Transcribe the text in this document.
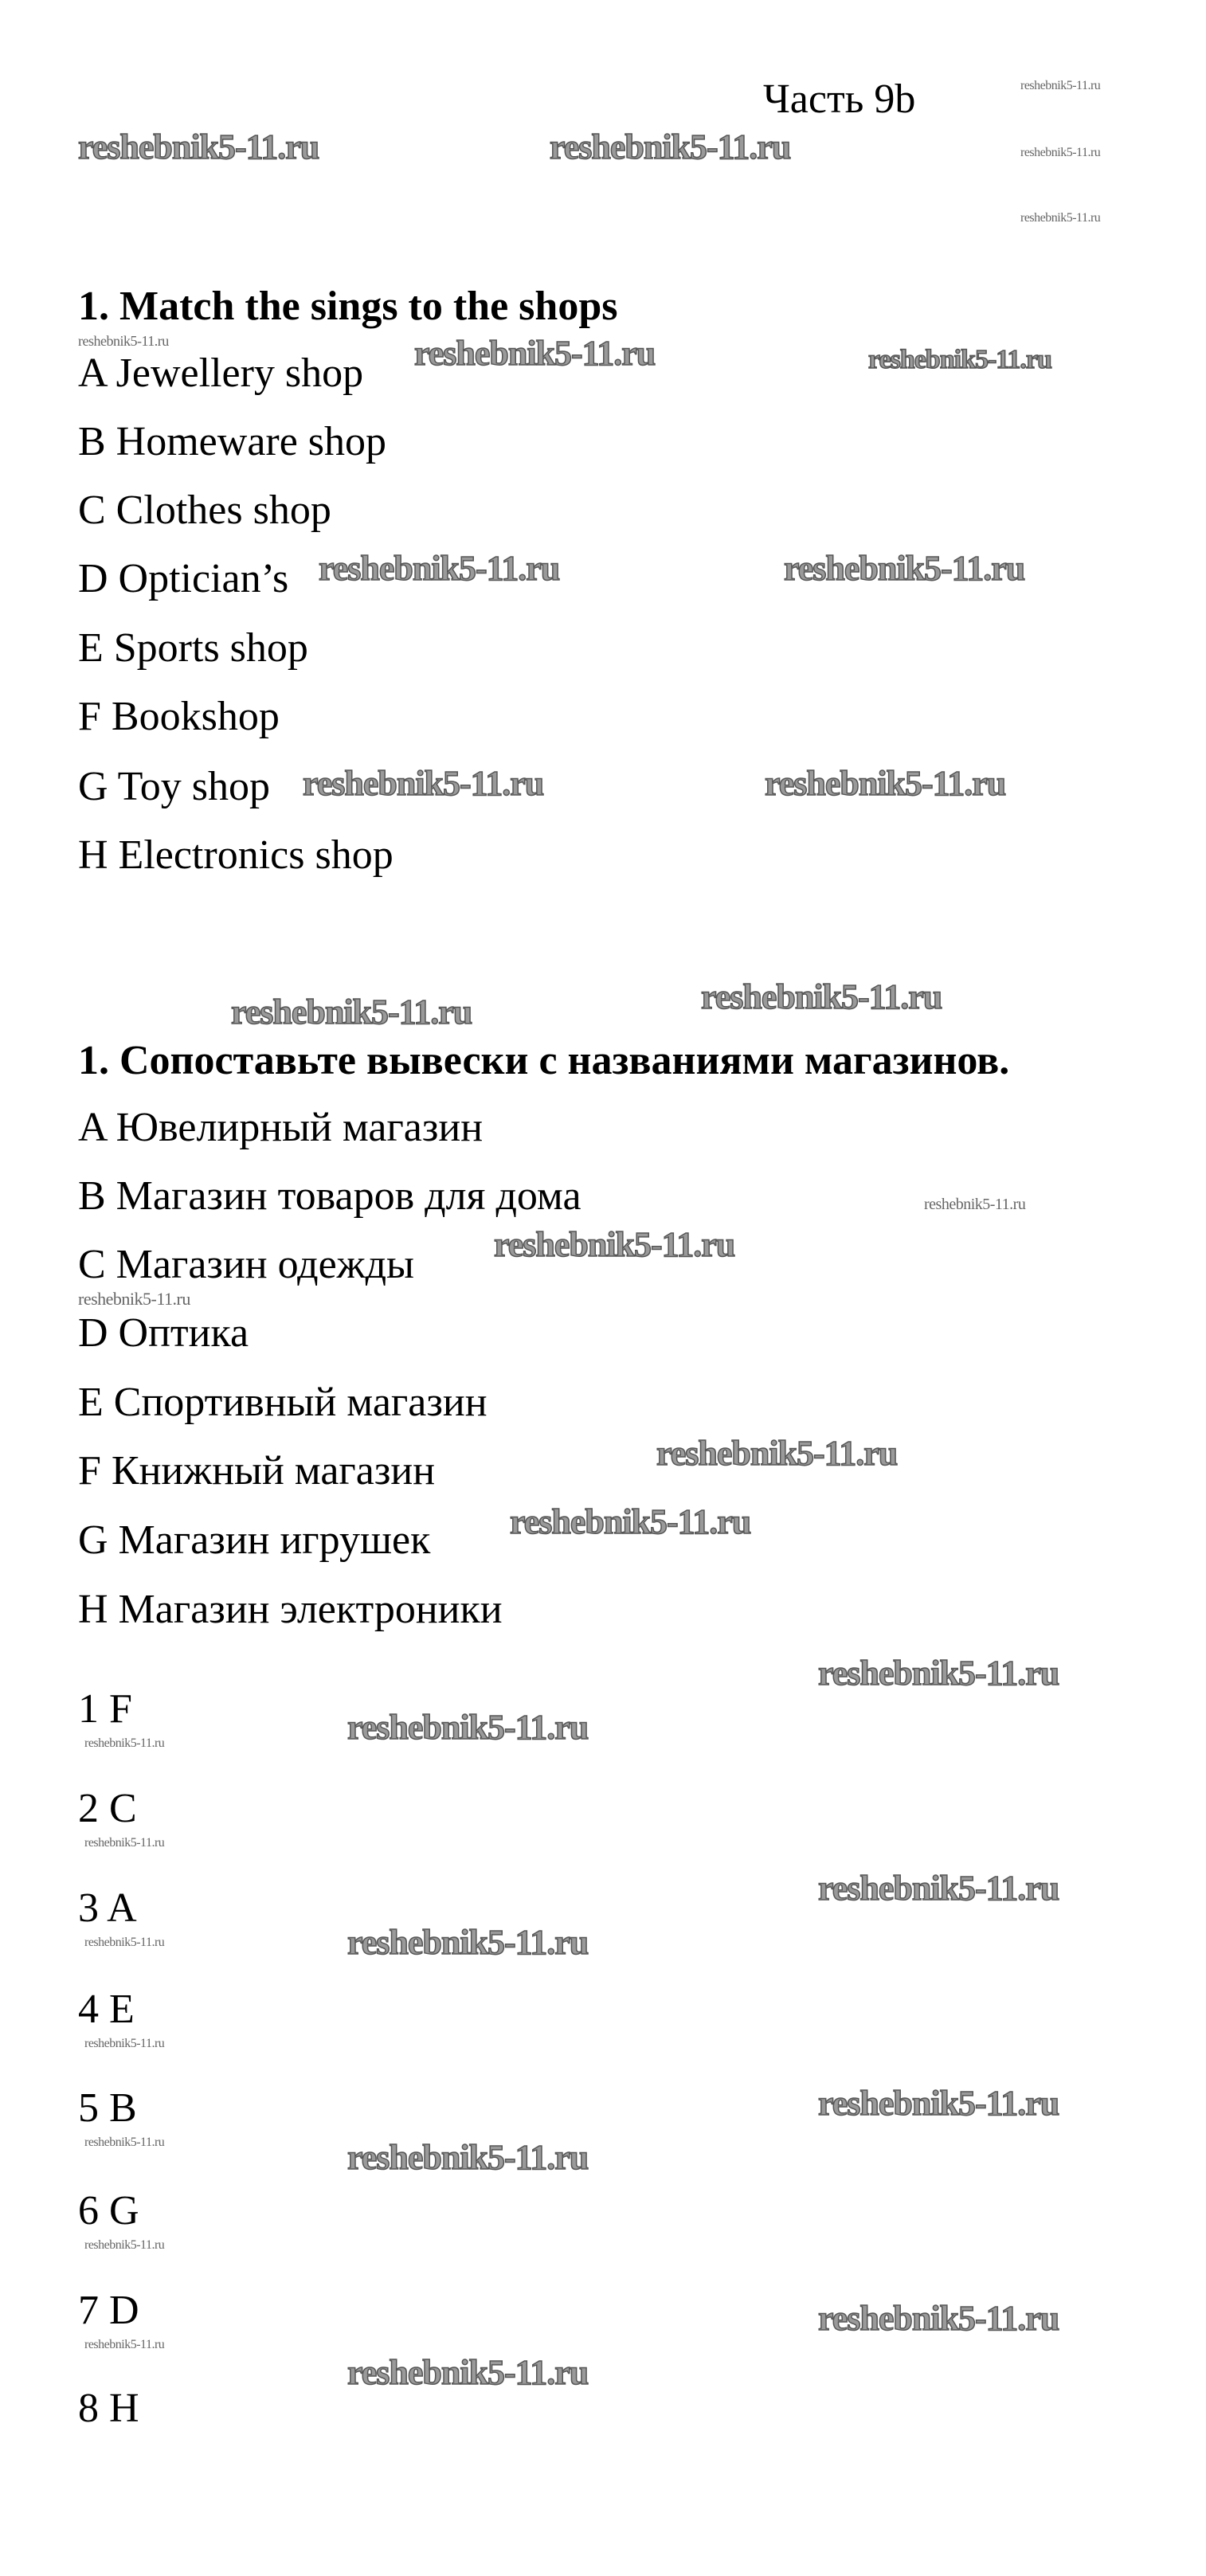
Часть 9b
1. Match the sings to the shops
A Jewellery shop
B Homeware shop
C Clothes shop
D Optician’s
E Sports shop
F Bookshop
G Toy shop
H Electronics shop
1. Сопоставьте вывески с названиями магазинов.
A Ювелирный магазин
B Магазин товаров для дома
C Магазин одежды
D Оптика
E Спортивный магазин
F Книжный магазин
G Магазин игрушек
H Магазин электроники
1 F
2 C
3 A
4 E
5 B
6 G
7 D
8 H
reshebnik5-11.ru	reshebnik5-11.ru
reshebnik5-11.ru	reshebnik5-11.ru
reshebnik5-11.ru	reshebnik5-11.ru
reshebnik5-11.ru	reshebnik5-11.ru
reshebnik5-11.ru
reshebnik5-11.ru
reshebnik5-11.ru
reshebnik5-11.ru
reshebnik5-11.ru
reshebnik5-11.ru
reshebnik5-11.ru
reshebnik5-11.ru
reshebnik5-11.ru
reshebnik5-11.ru
reshebnik5-11.ru
reshebnik5-11.ru
reshebnik5-11.ru
reshebnik5-11.ru
reshebnik5-11.ru
reshebnik5-11.ru
reshebnik5-11.ru
reshebnik5-11.ru
reshebnik5-11.ru
reshebnik5-11.ru
reshebnik5-11.ru
reshebnik5-11.ru
reshebnik5-11.ru
reshebnik5-11.ru
reshebnik5-11.ru
reshebnik5-11.ru
